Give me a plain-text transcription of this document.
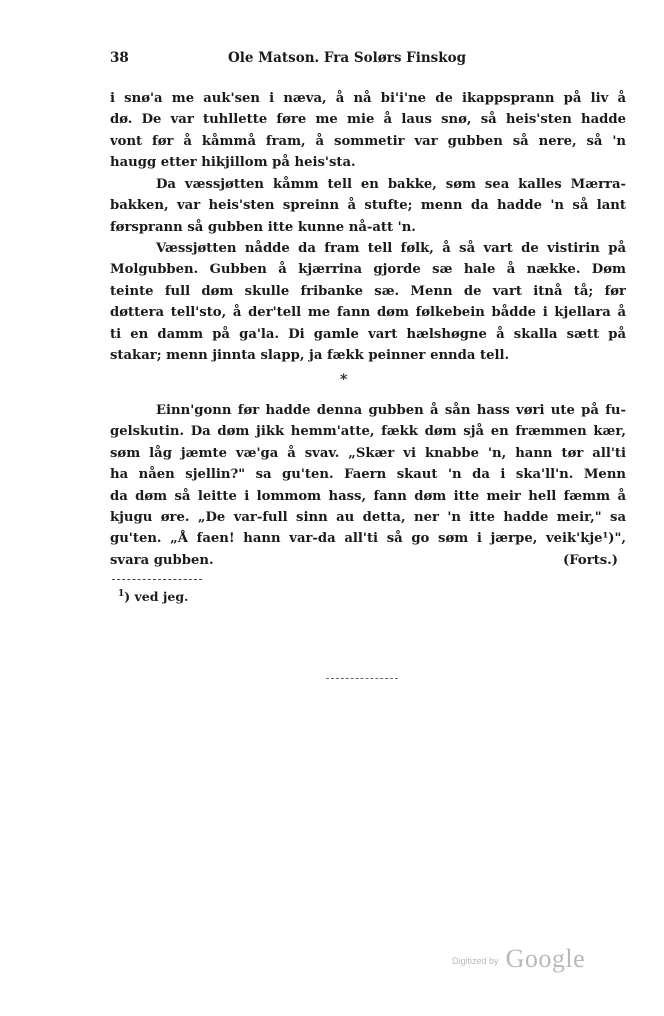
38	Ole Matson. Fra Solørs Finskog
i snø'a me auk'sen i næva, å nå bi'i'ne de ikappsprann på liv å
dø. De var tuhllette føre me mie å laus snø, så heis'sten hadde
vont før å kåmmå fram, å sommetir var gubben så nere, så 'n
haugg etter hikjillom på heis'sta.
Da væssjøtten kåmm tell en bakke, søm sea kalles Mærra-
bakken, var heis'sten spreinn å stufte; menn da hadde 'n så lant
førsprann så gubben itte kunne nå-att 'n.
Væssjøtten nådde da fram tell følk, å så vart de vistirin på
Molgubben. Gubben å kjærrina gjorde sæ hale å nække. Døm
teinte full døm skulle fribanke sæ. Menn de vart itnå tå; før
døttera tell'sto, å der'tell me fann døm følkebein bådde i kjellara å
ti en damm på ga'la. Di gamle vart hælshøgne å skalla sætt på
stakar; menn jinnta slapp, ja fækk peinner ennda tell.
*
Einn'gonn før hadde denna gubben å sån hass vøri ute på fu-
gelskutin. Da døm jikk hemm'atte, fækk døm sjå en fræmmen kær,
søm låg jæmte væ'ga å svav. „Skær vi knabbe 'n, hann tør all'ti
ha nåen sjellin?" sa gu'ten. Faern skaut 'n da i ska'll'n. Menn
da døm så leitte i lommom hass, fann døm itte meir hell fæmm å
kjugu øre. „De var-full sinn au detta, ner 'n itte hadde meir," sa
gu'ten. „Å faen! hann var-da all'ti så go søm i jærpe, veik'kje¹)",
svara gubben.	(Forts.)
$^1$) ved jeg.
Digitized by Google
